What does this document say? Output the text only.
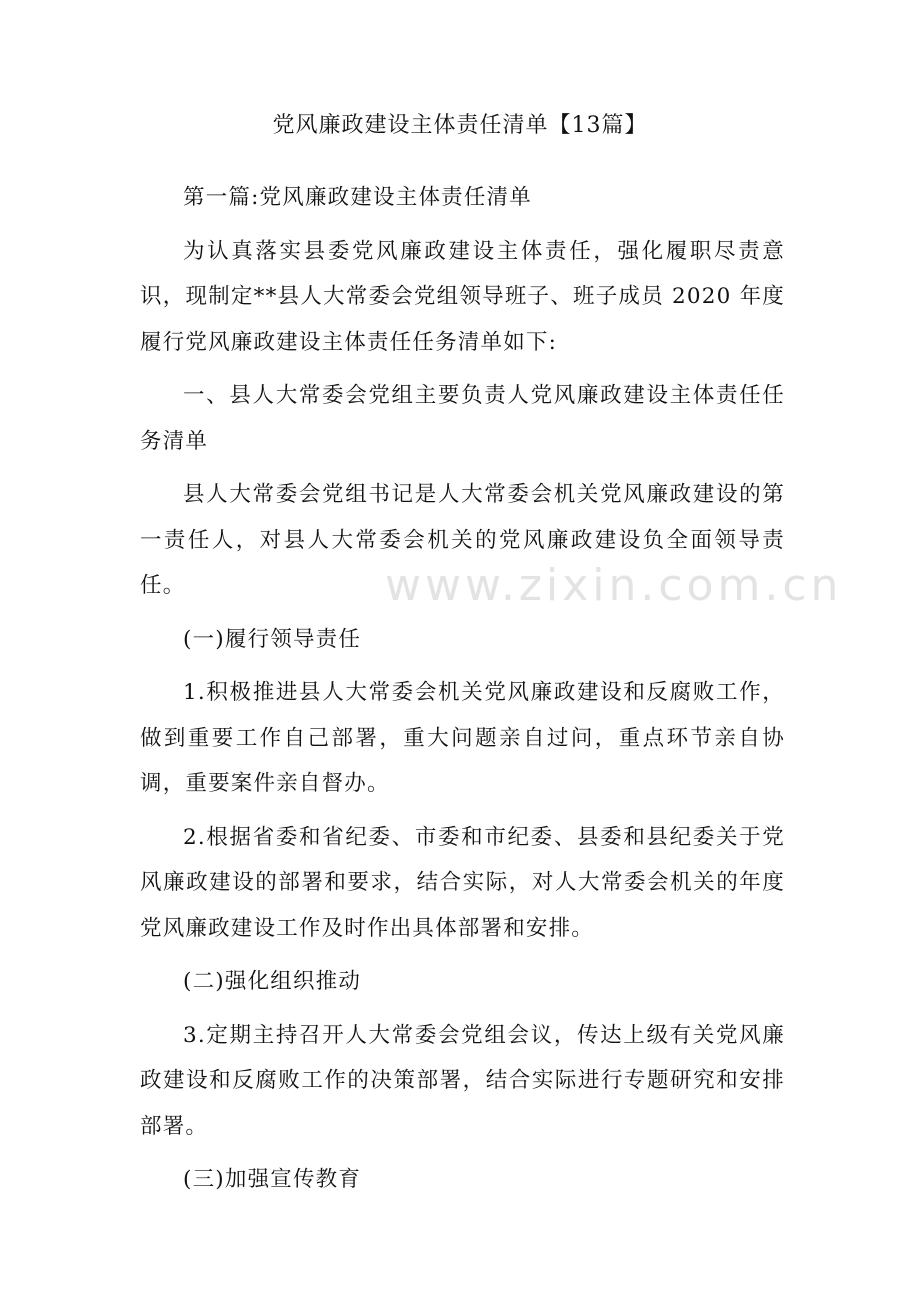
www.zixin.com.cn
党风廉政建设主体责任清单【13篇】

第一篇:党风廉政建设主体责任清单

为认真落实县委党风廉政建设主体责任，强化履职尽责意识，现制定**县人大常委会党组领导班子、班子成员 2020 年度履行党风廉政建设主体责任任务清单如下:

一、县人大常委会党组主要负责人党风廉政建设主体责任任务清单

县人大常委会党组书记是人大常委会机关党风廉政建设的第一责任人，对县人大常委会机关的党风廉政建设负全面领导责任。

(一)履行领导责任

1.积极推进县人大常委会机关党风廉政建设和反腐败工作，做到重要工作自己部署，重大问题亲自过问，重点环节亲自协调，重要案件亲自督办。

2.根据省委和省纪委、市委和市纪委、县委和县纪委关于党风廉政建设的部署和要求，结合实际，对人大常委会机关的年度党风廉政建设工作及时作出具体部署和安排。

(二)强化组织推动

3.定期主持召开人大常委会党组会议，传达上级有关党风廉政建设和反腐败工作的决策部署，结合实际进行专题研究和安排部署。

(三)加强宣传教育
